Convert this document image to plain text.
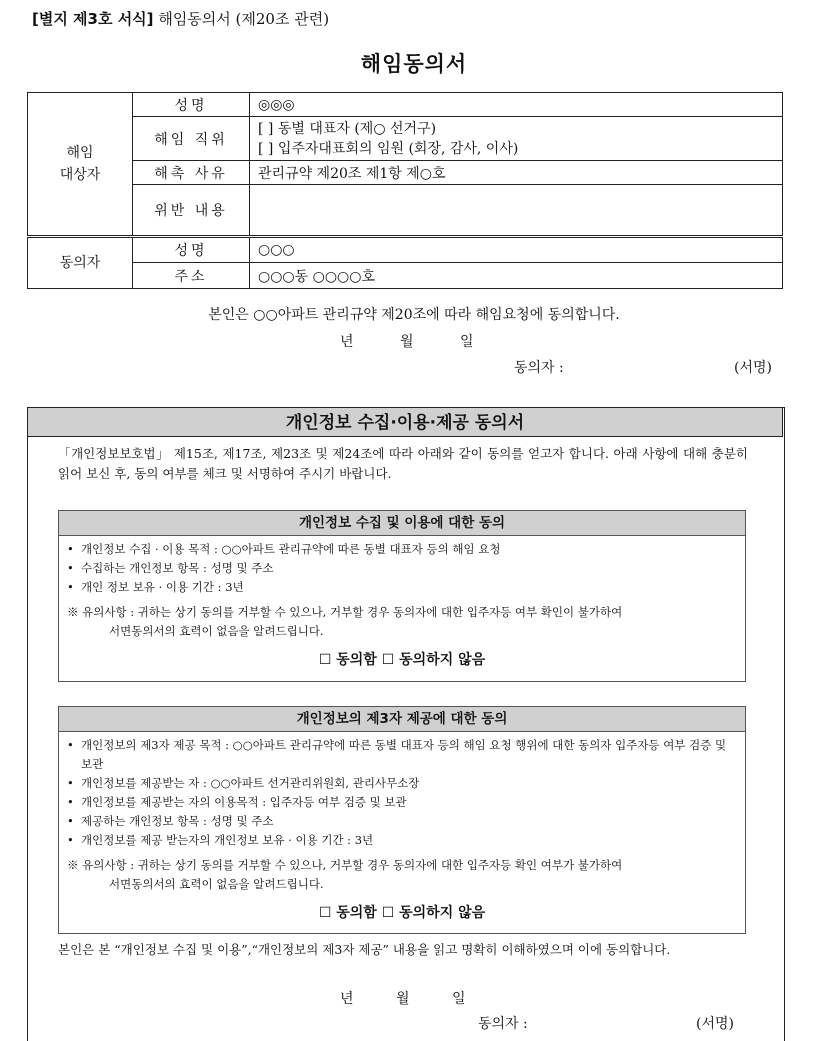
[별지 제3호 서식] 해임동의서 (제20조 관련)
해임동의서
해임
대상자	성명	◎◎◎
	해임 직위	[ ] 동별 대표자 (제○ 선거구)
[ ] 입주자대표회의 임원 (회장, 감사, 이사)

	해촉 사유	관리규약 제20조 제1항 제○호
	위반 내용	
동의자	성명	○○○
	주소	○○○동 ○○○○호
본인은 ○○아파트 관리규약 제20조에 따라 해임요청에 동의합니다.
년	월	일
동의자 :	(서명)
개인정보 수집·이용·제공 동의서
「개인정보보호법」 제15조, 제17조, 제23조 및 제24조에 따라 아래와 같이 동의를 얻고자 합니다. 아래 사항에 대해 충분히 읽어 보신 후, 동의 여부를 체크 및 서명하여 주시기 바랍니다.
개인정보 수집 및 이용에 대한 동의
• 개인정보 수집 · 이용 목적 : ○○아파트 관리규약에 따른 동별 대표자 등의 해임 요청
• 수집하는 개인정보 항목 : 성명 및 주소
• 개인 정보 보유 · 이용 기간 : 3년
※ 유의사항 : 귀하는 상기 동의를 거부할 수 있으나, 거부할 경우 동의자에 대한 입주자등 여부 확인이 불가하여
서면동의서의 효력이 없음을 알려드립니다.
☐ 동의함 ☐ 동의하지 않음
개인정보의 제3자 제공에 대한 동의
• 개인정보의 제3자 제공 목적 : ○○아파트 관리규약에 따른 동별 대표자 등의 해임 요청 행위에 대한 동의자 입주자등 여부 검증 및 보관
• 개인정보를 제공받는 자 : ○○아파트 선거관리위원회, 관리사무소장
• 개인정보를 제공받는 자의 이용목적 : 입주자등 여부 검증 및 보관
• 제공하는 개인정보 항목 : 성명 및 주소
• 개인정보를 제공 받는자의 개인정보 보유 · 이용 기간 : 3년
※ 유의사항 : 귀하는 상기 동의를 거부할 수 있으나, 거부할 경우 동의자에 대한 입주자등 확인 여부가 불가하여
서면동의서의 효력이 없음을 알려드립니다.
☐ 동의함 ☐ 동의하지 않음
본인은 본 “개인정보 수집 및 이용”,“개인정보의 제3자 제공” 내용을 읽고 명확히 이해하였으며 이에 동의합니다.
년	월	일
동의자 :	(서명)
